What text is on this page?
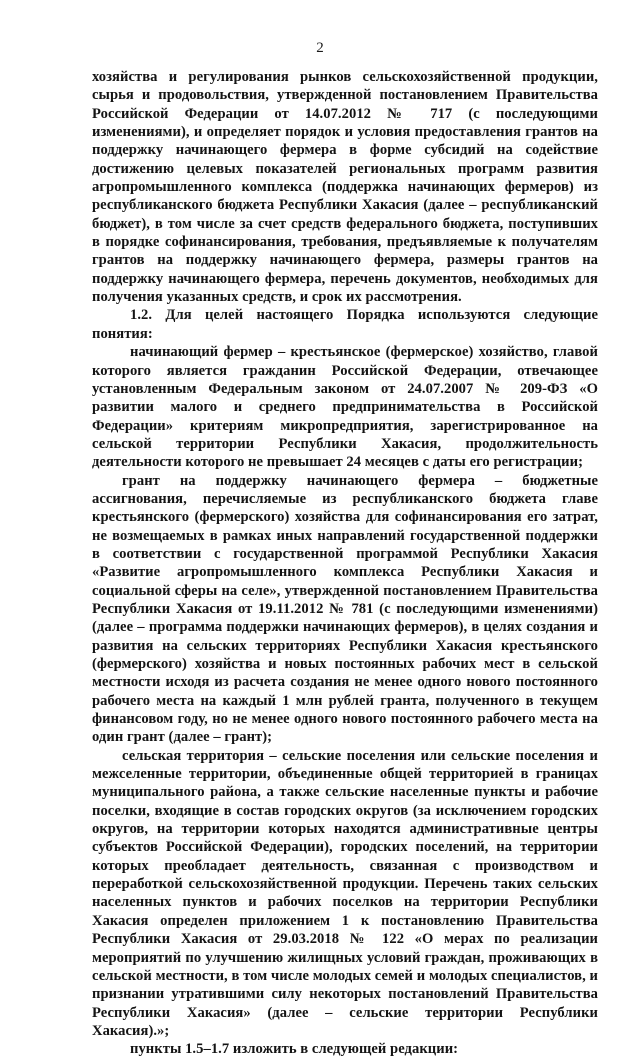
2

хозяйства и регулирования рынков сельскохозяйственной продукции, сырья и продовольствия, утвержденной постановлением Правительства Российской Федерации от 14.07.2012 № 717 (с последующими изменениями), и определяет порядок и условия предоставления грантов на поддержку начинающего фермера в форме субсидий на содействие достижению целевых показателей региональных программ развития агропромышленного комплекса (поддержка начинающих фермеров) из республиканского бюджета Республики Хакасия (далее – республиканский бюджет), в том числе за счет средств федерального бюджета, поступивших в порядке софинансирования, требования, предъявляемые к получателям грантов на поддержку начинающего фермера, размеры грантов на поддержку начинающего фермера, перечень документов, необходимых для получения указанных средств, и срок их рассмотрения.

1.2. Для целей настоящего Порядка используются следующие понятия:

начинающий фермер – крестьянское (фермерское) хозяйство, главой которого является гражданин Российской Федерации, отвечающее установленным Федеральным законом от 24.07.2007 № 209-ФЗ «О развитии малого и среднего предпринимательства в Российской Федерации» критериям микропредприятия, зарегистрированное на сельской территории Республики Хакасия, продолжительность деятельности которого не превышает 24 месяцев с даты его регистрации;

грант на поддержку начинающего фермера – бюджетные ассигнования, перечисляемые из республиканского бюджета главе крестьянского (фермерского) хозяйства для софинансирования его затрат, не возмещаемых в рамках иных направлений государственной поддержки в соответствии с государственной программой Республики Хакасия «Развитие агропромышленного комплекса Республики Хакасия и социальной сферы на селе», утвержденной постановлением Правительства Республики Хакасия от 19.11.2012 № 781 (с последующими изменениями) (далее – программа поддержки начинающих фермеров), в целях создания и развития на сельских территориях Республики Хакасия крестьянского (фермерского) хозяйства и новых постоянных рабочих мест в сельской местности исходя из расчета создания не менее одного нового постоянного рабочего места на каждый 1 млн рублей гранта, полученного в текущем финансовом году, но не менее одного нового постоянного рабочего места на один грант (далее – грант);

сельская территория – сельские поселения или сельские поселения и межселенные территории, объединенные общей территорией в границах муниципального района, а также сельские населенные пункты и рабочие поселки, входящие в состав городских округов (за исключением городских округов, на территории которых находятся административные центры субъектов Российской Федерации), городских поселений, на территории которых преобладает деятельность, связанная с производством и переработкой сельскохозяйственной продукции. Перечень таких сельских населенных пунктов и рабочих поселков на территории Республики Хакасия определен приложением 1 к постановлению Правительства Республики Хакасия от 29.03.2018 № 122 «О мерах по реализации мероприятий по улучшению жилищных условий граждан, проживающих в сельской местности, в том числе молодых семей и молодых специалистов, и признании утратившими силу некоторых постановлений Правительства Республики Хакасия» (далее – сельские территории Республики Хакасия).»;

пункты 1.5–1.7 изложить в следующей редакции:
